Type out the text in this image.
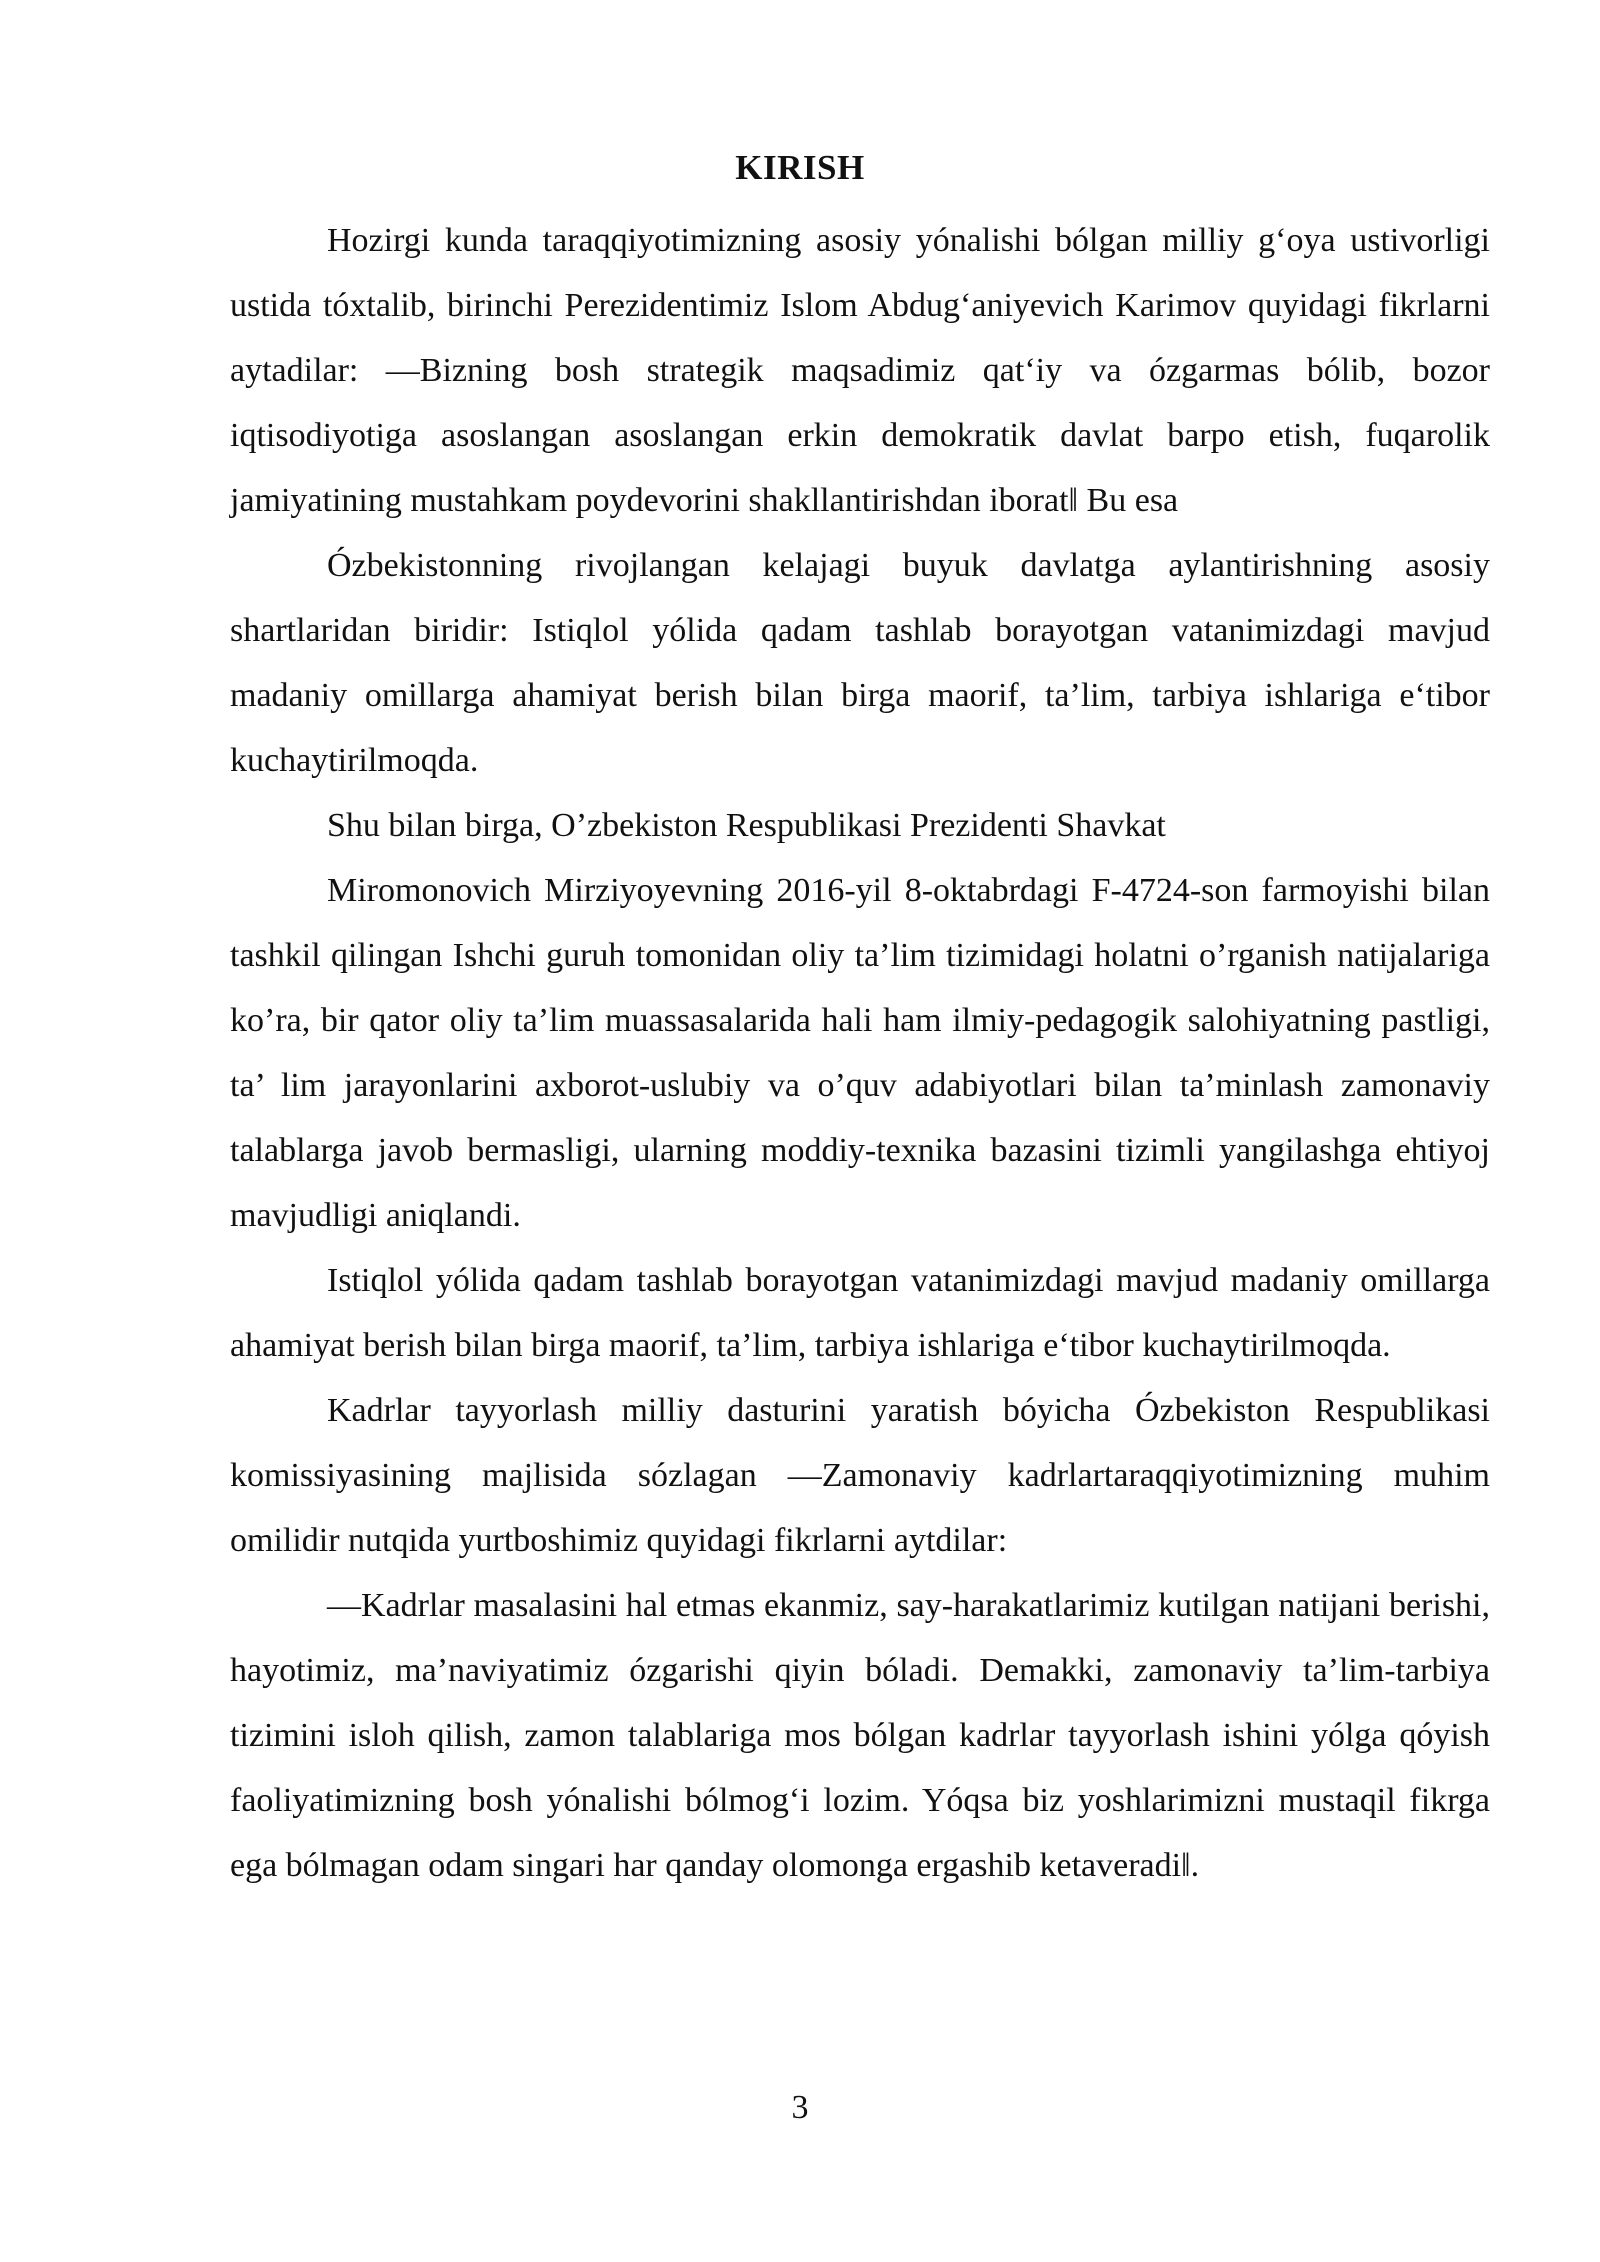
KIRISH

Hozirgi kunda taraqqiyotimizning asosiy yónalishi bólgan milliy g‘oya ustivorligi ustida tóxtalib, birinchi Perezidentimiz Islom Abdug‘aniyevich Karimov quyidagi fikrlarni aytadilar: ―Bizning bosh strategik maqsadimiz qat‘iy va ózgarmas bólib, bozor iqtisodiyotiga asoslangan asoslangan erkin demokratik davlat barpo etish, fuqarolik jamiyatining mustahkam poydevorini shakllantirishdan iborat‖ Bu esa

Ózbekistonning rivojlangan kelajagi buyuk davlatga aylantirishning asosiy shartlaridan biridir: Istiqlol yólida qadam tashlab borayotgan vatanimizdagi mavjud madaniy omillarga ahamiyat berish bilan birga maorif, ta’lim, tarbiya ishlariga e‘tibor kuchaytirilmoqda.

Shu bilan birga, O’zbekiston Respublikasi Prezidenti Shavkat

Miromonovich Mirziyoyevning 2016-yil 8-oktabrdagi F-4724-son farmoyishi bilan tashkil qilingan Ishchi guruh tomonidan oliy ta’lim tizimidagi holatni o’rganish natijalariga ko’ra, bir qator oliy ta’lim muassasalarida hali ham ilmiy-pedagogik salohiyatning pastligi, ta’ lim jarayonlarini axborot-uslubiy va o’quv adabiyotlari bilan ta’minlash zamonaviy talablarga javob bermasligi, ularning moddiy-texnika bazasini tizimli yangilashga ehtiyoj mavjudligi aniqlandi.

Istiqlol yólida qadam tashlab borayotgan vatanimizdagi mavjud madaniy omillarga ahamiyat berish bilan birga maorif, ta’lim, tarbiya ishlariga e‘tibor kuchaytirilmoqda.

Kadrlar tayyorlash milliy dasturini yaratish bóyicha Ózbekiston Respublikasi komissiyasining majlisida sózlagan ―Zamonaviy kadrlartaraqqiyotimizning muhim omilidir nutqida yurtboshimiz quyidagi fikrlarni aytdilar:

―Kadrlar masalasini hal etmas ekanmiz, say-harakatlarimiz kutilgan natijani berishi, hayotimiz, ma’naviyatimiz ózgarishi qiyin bóladi. Demakki, zamonaviy ta’lim-tarbiya tizimini isloh qilish, zamon talablariga mos bólgan kadrlar tayyorlash ishini yólga qóyish faoliyatimizning bosh yónalishi bólmog‘i lozim. Yóqsa biz yoshlarimizni mustaqil fikrga ega bólmagan odam singari har qanday olomonga ergashib ketaveradi‖.

3
